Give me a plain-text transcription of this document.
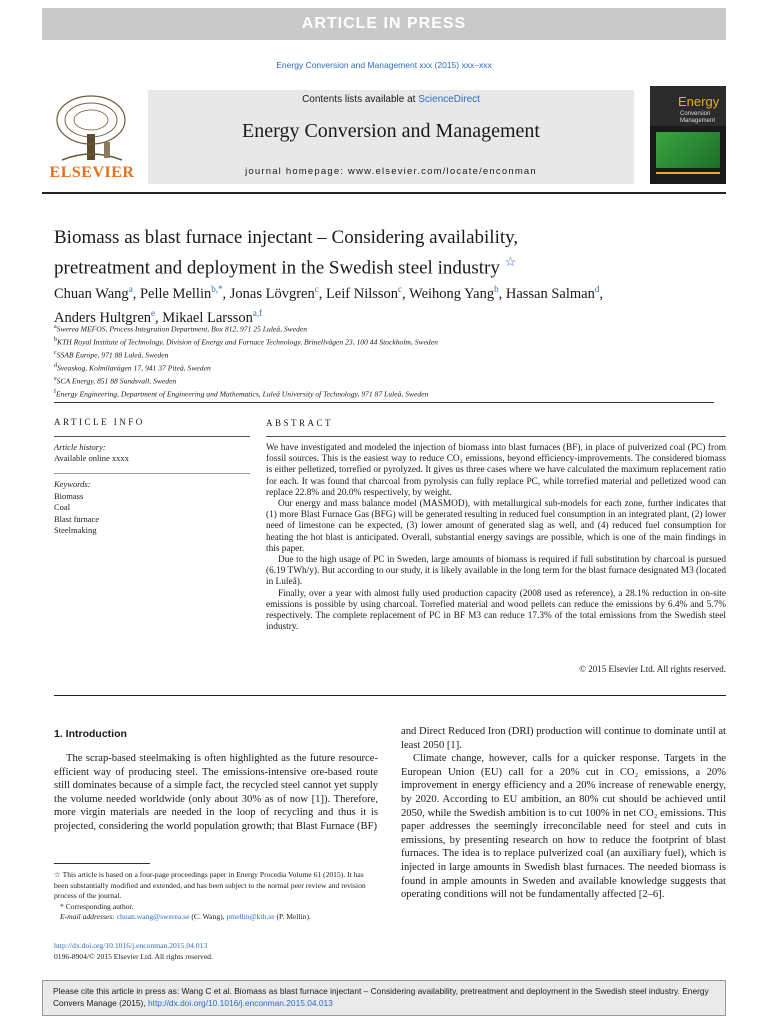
ARTICLE IN PRESS
Energy Conversion and Management xxx (2015) xxx–xxx
ELSEVIER
Contents lists available at ScienceDirect
Energy Conversion and Management
journal homepage: www.elsevier.com/locate/enconman
Energy
Conversion
Management
Biomass as blast furnace injectant – Considering availability,
pretreatment and deployment in the Swedish steel industry ☆
Chuan Wang$^a$, Pelle Mellin$^{b,*}$, Jonas Lövgren$^c$, Leif Nilsson$^c$, Weihong Yang$^b$, Hassan Salman$^d$,
Anders Hultgren$^e$, Mikael Larsson$^{a,f}$
$^a$Swerea MEFOS, Process Integration Department, Box 812, 971 25 Luleå, Sweden
$^b$KTH Royal Institute of Technology, Division of Energy and Furnace Technology, Brinellvägen 23, 100 44 Stockholm, Sweden
$^c$SSAB Europe, 971 88 Luleå, Sweden
$^d$Sveaskog, Kolmilavägen 17, 941 37 Piteå, Sweden
$^e$SCA Energy, 851 88 Sundsvall, Sweden
$^f$Energy Engineering, Department of Engineering and Mathematics, Luleå University of Technology, 971 87 Luleå, Sweden
ARTICLE INFO
Article history:
Available online xxxx
Keywords:
Biomass
Coal
Blast furnace
Steelmaking
ABSTRACT

We have investigated and modeled the injection of biomass into blast furnaces (BF), in place of pulverized coal (PC) from fossil sources. This is the easiest way to reduce CO₂ emissions, beyond efficiency-improvements. The considered biomass is either pelletized, torrefied or pyrolyzed. It gives us three cases where we have calculated the maximum replacement ratio for each. It was found that charcoal from pyrolysis can fully replace PC, while torrefied material and pelletized wood can replace 22.8% and 20.0% respectively, by weight.

Our energy and mass balance model (MASMOD), with metallurgical sub-models for each zone, further indicates that (1) more Blast Furnace Gas (BFG) will be generated resulting in reduced fuel consumption in an integrated plant, (2) lower need of limestone can be expected, (3) lower amount of generated slag as well, and (4) reduced fuel consumption for heating the hot blast is anticipated. Overall, substantial energy savings are possible, which is one of the main findings in this paper.

Due to the high usage of PC in Sweden, large amounts of biomass is required if full substitution by charcoal is pursued (6.19 TWh/y). But according to our study, it is likely available in the long term for the blast furnace designated M3 (located in Luleå).

Finally, over a year with almost fully used production capacity (2008 used as reference), a 28.1% reduction in on-site emissions is possible by using charcoal. Torrefied material and wood pellets can reduce the emissions by 6.4% and 5.7% respectively. The complete replacement of PC in BF M3 can reduce 17.3% of the total emissions from the Swedish steel industry.

© 2015 Elsevier Ltd. All rights reserved.
1. Introduction
The scrap-based steelmaking is often highlighted as the future resource-efficient way of producing steel. The emissions-intensive ore-based route still dominates because of a simple fact, the recycled steel cannot yet supply the volume needed worldwide (only about 30% as of now [1]). Therefore, more virgin materials are needed in the loop of recycling and thus it is projected, considering the world population growth; that Blast Furnace (BF)

and Direct Reduced Iron (DRI) production will continue to dominate until at least 2050 [1].

Climate change, however, calls for a quicker response. Targets in the European Union (EU) call for a 20% cut in CO₂ emissions, a 20% improvement in energy efficiency and a 20% increase of renewable energy, by 2020. According to EU ambition, an 80% cut should be achieved until 2050, while the Swedish ambition is to cut 100% in net CO₂ emissions. This paper addresses the seemingly irreconcilable need for steel and cuts in emissions, by presenting research on how to reduce the footprint of blast furnaces. The idea is to replace pulverized coal (an auxiliary fuel), which is injected in large amounts in Swedish blast furnaces. The needed biomass is found in ample amounts in Sweden and available knowledge suggests that operating conditions will not be fundamentally affected [2–6].

☆ This article is based on a four-page proceedings paper in Energy Procedia Volume 61 (2015). It has been substantially modified and extended, and has been subject to the normal peer review and revision process of the journal.
* Corresponding author.
E-mail addresses: chuan.wang@swerea.se (C. Wang), pmellin@kth.se (P. Mellin).
http://dx.doi.org/10.1016/j.enconman.2015.04.013
0196-8904/© 2015 Elsevier Ltd. All rights reserved.
Please cite this article in press as: Wang C et al. Biomass as blast furnace injectant – Considering availability, pretreatment and deployment in the Swedish steel industry. Energy Convers Manage (2015), http://dx.doi.org/10.1016/j.enconman.2015.04.013
